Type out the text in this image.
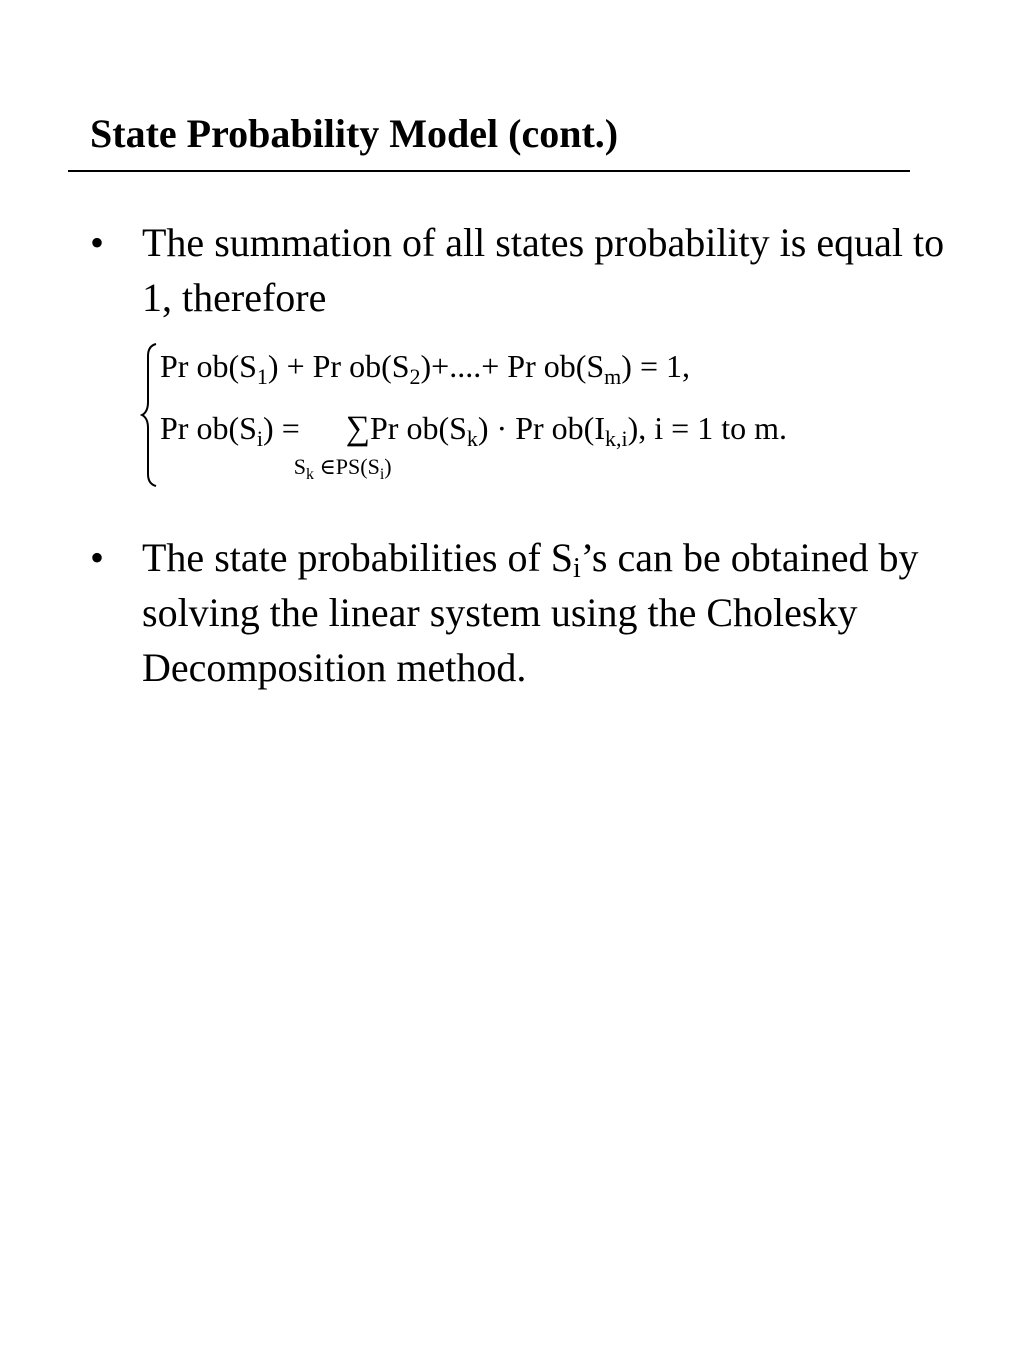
State Probability Model (cont.)
• The summation of all states probability is equal to 1, therefore
Pr $ob(S_1) + Pr$ $ob(S_2)+....+ Pr$ $ob(S_m) = 1$,
Pr $ob(S_i)$ = ∑
$S_k$ $\in PS(S_i)$
Pr $ob(S_k) \cdot Pr$ $ob(I_{k,i})$, i = 1 to m.
• The state probabilities of $S_i’s$ can be obtained by solving the linear system using the Cholesky Decomposition method.
